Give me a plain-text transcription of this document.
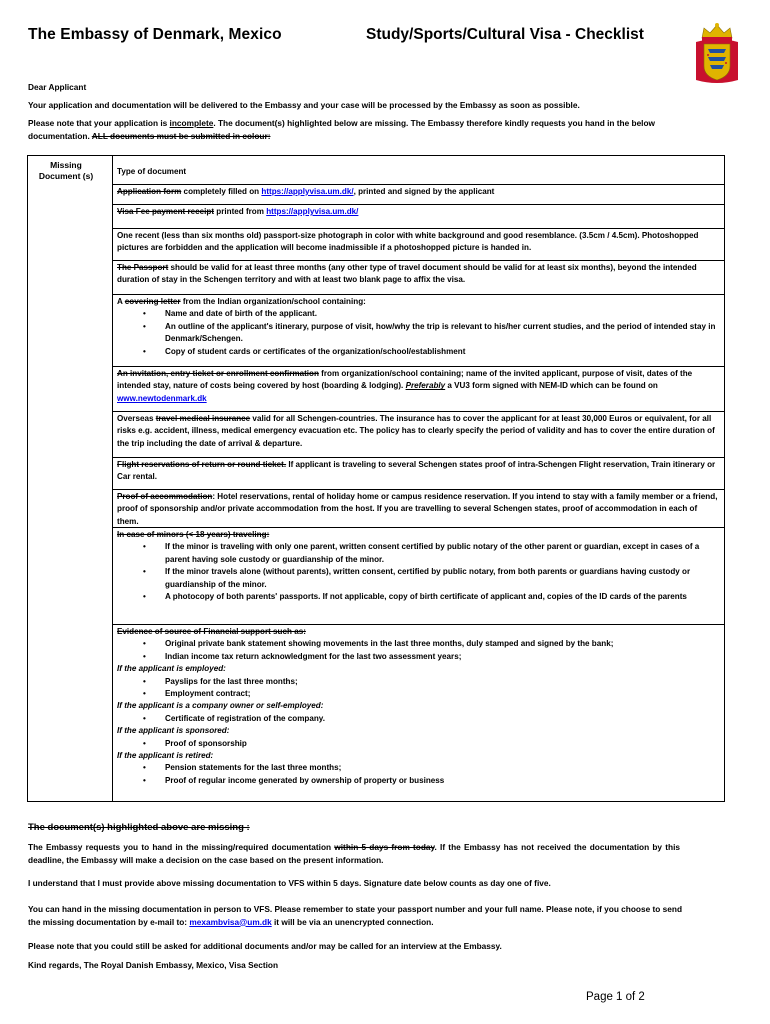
The Embassy of Denmark, Mexico	Study/Sports/Cultural Visa - Checklist
Dear Applicant
Your application and documentation will be delivered to the Embassy and your case will be processed by the Embassy as soon as possible.
Please note that your application is incomplete. The document(s) highlighted below are missing. The Embassy therefore kindly requests you hand in the below documentation. ALL documents must be submitted in colour:
Missing Document (s)	Type of document
Application form completely filled on https://applyvisa.um.dk/, printed and signed by the applicant
Visa Fee payment receipt printed from https://applyvisa.um.dk/
One recent (less than six months old) passport-size photograph in color with white background and good resemblance. (3.5cm / 4.5cm). Photoshopped pictures are forbidden and the application will become inadmissible if a photoshopped picture is handed in.
The Passport should be valid for at least three months (any other type of travel document should be valid for at least six months), beyond the intended duration of stay in the Schengen territory and with at least two blank page to affix the visa.
A covering letter from the Indian organization/school containing:
• Name and date of birth of the applicant.
• An outline of the applicant's itinerary, purpose of visit, how/why the trip is relevant to his/her current studies, and the period of intended stay in Denmark/Schengen.
• Copy of student cards or certificates of the organization/school/establishment
An invitation, entry ticket or enrollment confirmation from organization/school containing; name of the invited applicant, purpose of visit, dates of the intended stay, nature of costs being covered by host (boarding & lodging). Preferably a VU3 form signed with NEM-ID which can be found on www.newtodenmark.dk
Overseas travel medical insurance valid for all Schengen-countries. The insurance has to cover the applicant for at least 30,000 Euros or equivalent, for all risks e.g. accident, illness, medical emergency evacuation etc. The policy has to clearly specify the period of validity and has to cover the entire duration of the trip including the date of arrival & departure.
Flight reservations of return or round ticket. If applicant is traveling to several Schengen states proof of intra-Schengen Flight reservation, Train itinerary or Car rental.
Proof of accommodation: Hotel reservations, rental of holiday home or campus residence reservation. If you intend to stay with a family member or a friend, proof of sponsorship and/or private accommodation from the host. If you are travelling to several Schengen states, proof of accommodation in each of them.
In case of minors (< 18 years) traveling:
• If the minor is traveling with only one parent, written consent certified by public notary of the other parent or guardian, except in cases of a parent having sole custody or guardianship of the minor.
• If the minor travels alone (without parents), written consent, certified by public notary, from both parents or guardians having custody or guardianship of the minor.
• A photocopy of both parents' passports. If not applicable, copy of birth certificate of applicant and, copies of the ID cards of the parents
Evidence of source of Financial support such as:
• Original private bank statement showing movements in the last three months, duly stamped and signed by the bank;
• Indian income tax return acknowledgment for the last two assessment years;
If the applicant is employed:
• Payslips for the last three months;
• Employment contract;
If the applicant is a company owner or self-employed:
• Certificate of registration of the company.
If the applicant is sponsored:
• Proof of sponsorship
If the applicant is retired:
• Pension statements for the last three months;
• Proof of regular income generated by ownership of property or business
The document(s) highlighted above are missing :
The Embassy requests you to hand in the missing/required documentation within 5 days from today. If the Embassy has not received the documentation by this deadline, the Embassy will make a decision on the case based on the present information.
I understand that I must provide above missing documentation to VFS within 5 days. Signature date below counts as day one of five.
You can hand in the missing documentation in person to VFS. Please remember to state your passport number and your full name. Please note, if you choose to send the missing documentation by e-mail to: mexambvisa@um.dk it will be via an unencrypted connection.
Please note that you could still be asked for additional documents and/or may be called for an interview at the Embassy.
Kind regards, The Royal Danish Embassy, Mexico, Visa Section
Page 1 of 2
